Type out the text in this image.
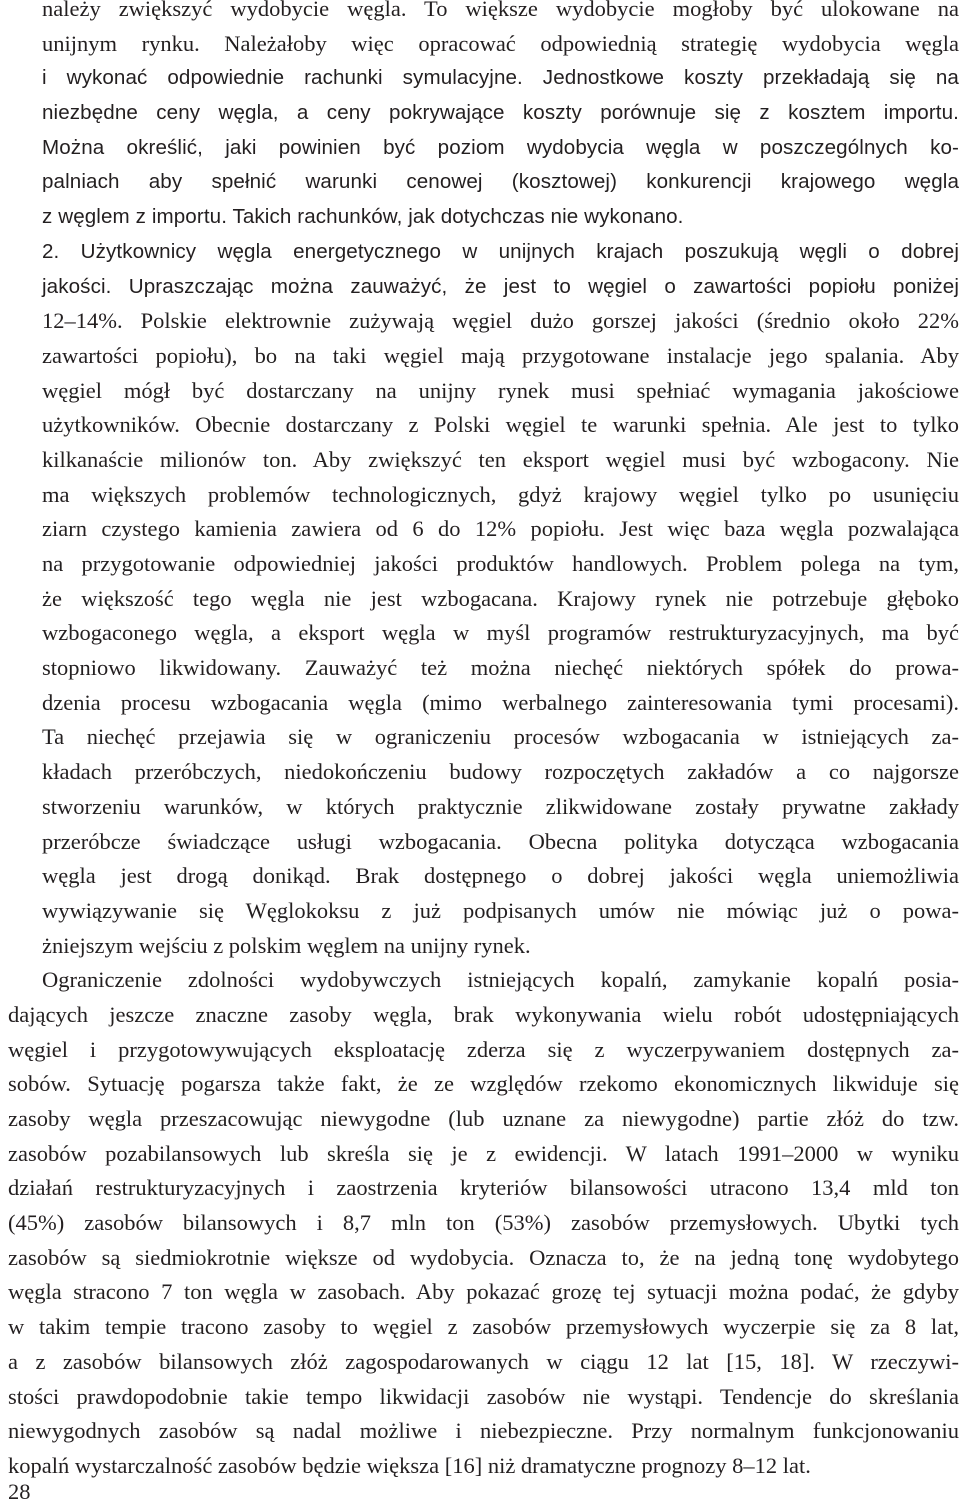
należy zwiększyć wydobycie węgla. To większe wydobycie mogłoby być ulokowane na
unijnym rynku. Należałoby więc opracować odpowiednią strategię wydobycia węgla
i wykonać odpowiednie rachunki symulacyjne. Jednostkowe koszty przekładają się na
niezbędne ceny węgla, a ceny pokrywające koszty porównuje się z kosztem importu.
Można określić, jaki powinien być poziom wydobycia węgla w poszczególnych ko-
palniach aby spełnić warunki cenowej (kosztowej) konkurencji krajowego węgla
z węglem z importu. Takich rachunków, jak dotychczas nie wykonano.
2. Użytkownicy węgla energetycznego w unijnych krajach poszukują węgli o dobrej
jakości. Upraszczając można zauważyć, że jest to węgiel o zawartości popiołu poniżej
12–14%. Polskie elektrownie zużywają węgiel dużo gorszej jakości (średnio około 22%
zawartości popiołu), bo na taki węgiel mają przygotowane instalacje jego spalania. Aby
węgiel mógł być dostarczany na unijny rynek musi spełniać wymagania jakościowe
użytkowników. Obecnie dostarczany z Polski węgiel te warunki spełnia. Ale jest to tylko
kilkanaście milionów ton. Aby zwiększyć ten eksport węgiel musi być wzbogacony. Nie
ma większych problemów technologicznych, gdyż krajowy węgiel tylko po usunięciu
ziarn czystego kamienia zawiera od 6 do 12% popiołu. Jest więc baza węgla pozwalająca
na przygotowanie odpowiedniej jakości produktów handlowych. Problem polega na tym,
że większość tego węgla nie jest wzbogacana. Krajowy rynek nie potrzebuje głęboko
wzbogaconego węgla, a eksport węgla w myśl programów restrukturyzacyjnych, ma być
stopniowo likwidowany. Zauważyć też można niechęć niektórych spółek do prowa-
dzenia procesu wzbogacania węgla (mimo werbalnego zainteresowania tymi procesami).
Ta niechęć przejawia się w ograniczeniu procesów wzbogacania w istniejących za-
kładach przeróbczych, niedokończeniu budowy rozpoczętych zakładów a co najgorsze
stworzeniu warunków, w których praktycznie zlikwidowane zostały prywatne zakłady
przeróbcze świadczące usługi wzbogacania. Obecna polityka dotycząca wzbogacania
węgla jest drogą donikąd. Brak dostępnego o dobrej jakości węgla uniemożliwia
wywiązywanie się Węglokoksu z już podpisanych umów nie mówiąc już o powa-
żniejszym wejściu z polskim węglem na unijny rynek.
Ograniczenie zdolności wydobywczych istniejących kopalń, zamykanie kopalń posia-
dających jeszcze znaczne zasoby węgla, brak wykonywania wielu robót udostępniających
węgiel i przygotowywujących eksploatację zderza się z wyczerpywaniem dostępnych za-
sobów. Sytuację pogarsza także fakt, że ze względów rzekomo ekonomicznych likwiduje się
zasoby węgla przeszacowując niewygodne (lub uznane za niewygodne) partie złóż do tzw.
zasobów pozabilansowych lub skreśla się je z ewidencji. W latach 1991–2000 w wyniku
działań restrukturyzacyjnych i zaostrzenia kryteriów bilansowości utracono 13,4 mld ton
(45%) zasobów bilansowych i 8,7 mln ton (53%) zasobów przemysłowych. Ubytki tych
zasobów są siedmiokrotnie większe od wydobycia. Oznacza to, że na jedną tonę wydobytego
węgla stracono 7 ton węgla w zasobach. Aby pokazać grozę tej sytuacji można podać, że gdyby
w takim tempie tracono zasoby to węgiel z zasobów przemysłowych wyczerpie się za 8 lat,
a z zasobów bilansowych złóż zagospodarowanych w ciągu 12 lat [15, 18]. W rzeczywi-
stości prawdopodobnie takie tempo likwidacji zasobów nie wystąpi. Tendencje do skreślania
niewygodnych zasobów są nadal możliwe i niebezpieczne. Przy normalnym funkcjonowaniu
kopalń wystarczalność zasobów będzie większa [16] niż dramatyczne prognozy 8–12 lat.
28
